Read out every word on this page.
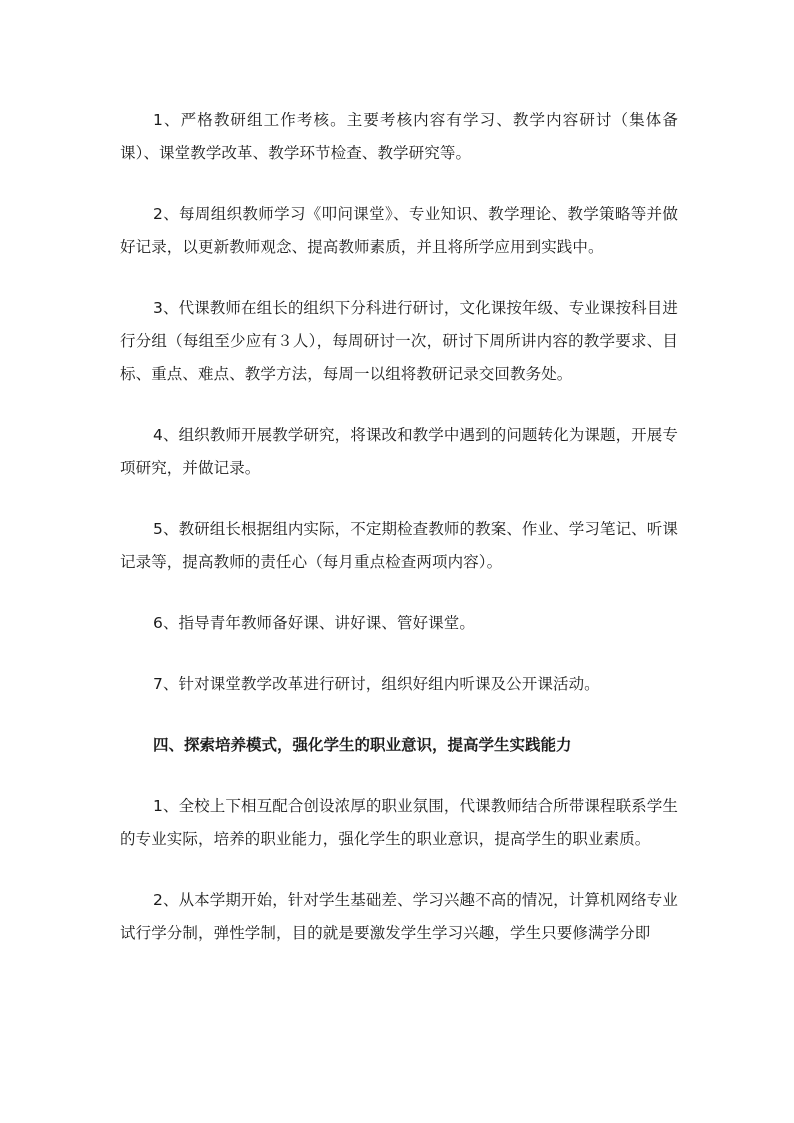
1、严格教研组工作考核。主要考核内容有学习、教学内容研讨（集体备课）、课堂教学改革、教学环节检查、教学研究等。

2、每周组织教师学习《叩问课堂》、专业知识、教学理论、教学策略等并做好记录，以更新教师观念、提高教师素质，并且将所学应用到实践中。

3、代课教师在组长的组织下分科进行研讨，文化课按年级、专业课按科目进行分组（每组至少应有３人），每周研讨一次，研讨下周所讲内容的教学要求、目标、重点、难点、教学方法，每周一以组将教研记录交回教务处。

4、组织教师开展教学研究，将课改和教学中遇到的问题转化为课题，开展专项研究，并做记录。

5、教研组长根据组内实际，不定期检查教师的教案、作业、学习笔记、听课记录等，提高教师的责任心（每月重点检查两项内容）。

6、指导青年教师备好课、讲好课、管好课堂。

7、针对课堂教学改革进行研讨，组织好组内听课及公开课活动。

四、探索培养模式，强化学生的职业意识，提高学生实践能力

1、全校上下相互配合创设浓厚的职业氛围，代课教师结合所带课程联系学生的专业实际，培养的职业能力，强化学生的职业意识，提高学生的职业素质。

2、从本学期开始，针对学生基础差、学习兴趣不高的情况，计算机网络专业试行学分制，弹性学制，目的就是要激发学生学习兴趣，学生只要修满学分即
